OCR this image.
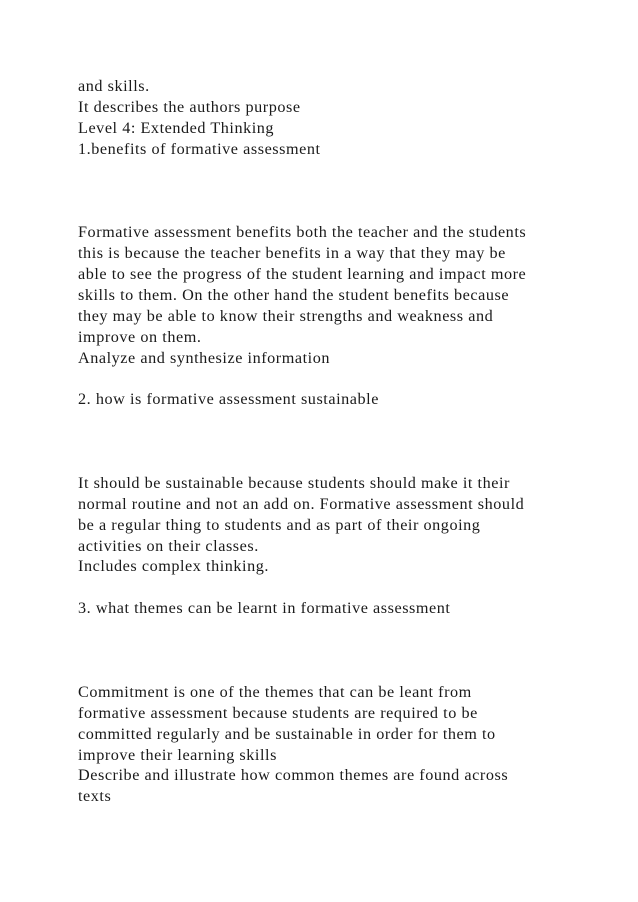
and skills.
It describes the authors purpose
Level 4: Extended Thinking
1.benefits of formative assessment
Formative assessment benefits both the teacher and the students
this is because the teacher benefits in a way that they may be
able to see the progress of the student learning and impact more
skills to them. On the other hand the student benefits because
they may be able to know their strengths and weakness and
improve on them.
Analyze and synthesize information
2. how is formative assessment sustainable
It should be sustainable because students should make it their
normal routine and not an add on. Formative assessment should
be a regular thing to students and as part of their ongoing
activities on their classes.
Includes complex thinking.
3. what themes can be learnt in formative assessment
Commitment is one of the themes that can be leant from
formative assessment because students are required to be
committed regularly and be sustainable in order for them to
improve their learning skills
Describe and illustrate how common themes are found across
texts
